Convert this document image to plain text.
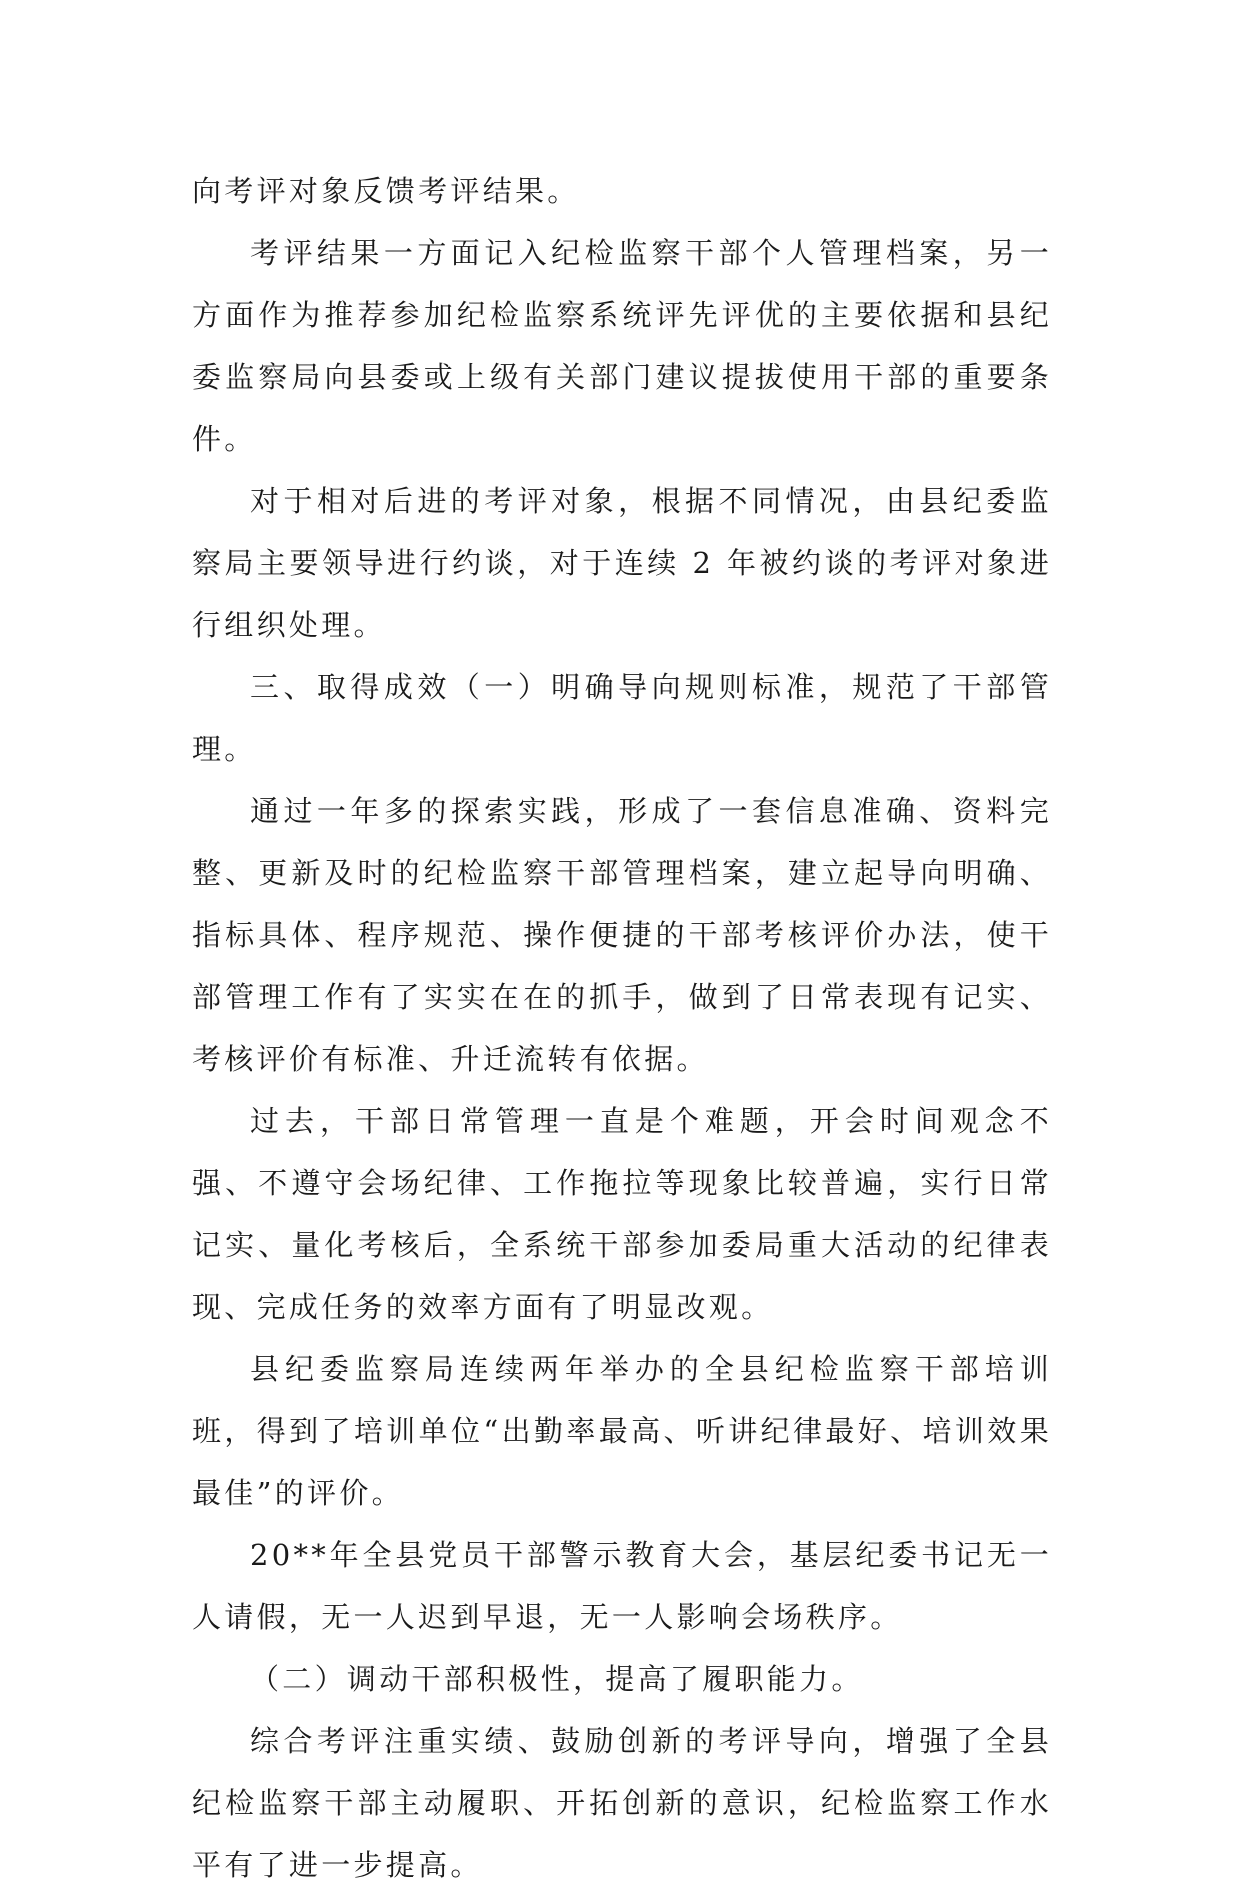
向考评对象反馈考评结果。

考评结果一方面记入纪检监察干部个人管理档案，另一方面作为推荐参加纪检监察系统评先评优的主要依据和县纪委监察局向县委或上级有关部门建议提拔使用干部的重要条件。

对于相对后进的考评对象，根据不同情况，由县纪委监察局主要领导进行约谈，对于连续 2 年被约谈的考评对象进行组织处理。

三、取得成效（一）明确导向规则标准，规范了干部管理。

通过一年多的探索实践，形成了一套信息准确、资料完整、更新及时的纪检监察干部管理档案，建立起导向明确、指标具体、程序规范、操作便捷的干部考核评价办法，使干部管理工作有了实实在在的抓手，做到了日常表现有记实、考核评价有标准、升迁流转有依据。

过去，干部日常管理一直是个难题，开会时间观念不强、不遵守会场纪律、工作拖拉等现象比较普遍，实行日常记实、量化考核后，全系统干部参加委局重大活动的纪律表现、完成任务的效率方面有了明显改观。

县纪委监察局连续两年举办的全县纪检监察干部培训班，得到了培训单位“出勤率最高、听讲纪律最好、培训效果最佳”的评价。

20**年全县党员干部警示教育大会，基层纪委书记无一人请假，无一人迟到早退，无一人影响会场秩序。

（二）调动干部积极性，提高了履职能力。

综合考评注重实绩、鼓励创新的考评导向，增强了全县纪检监察干部主动履职、开拓创新的意识，纪检监察工作水平有了进一步提高。
